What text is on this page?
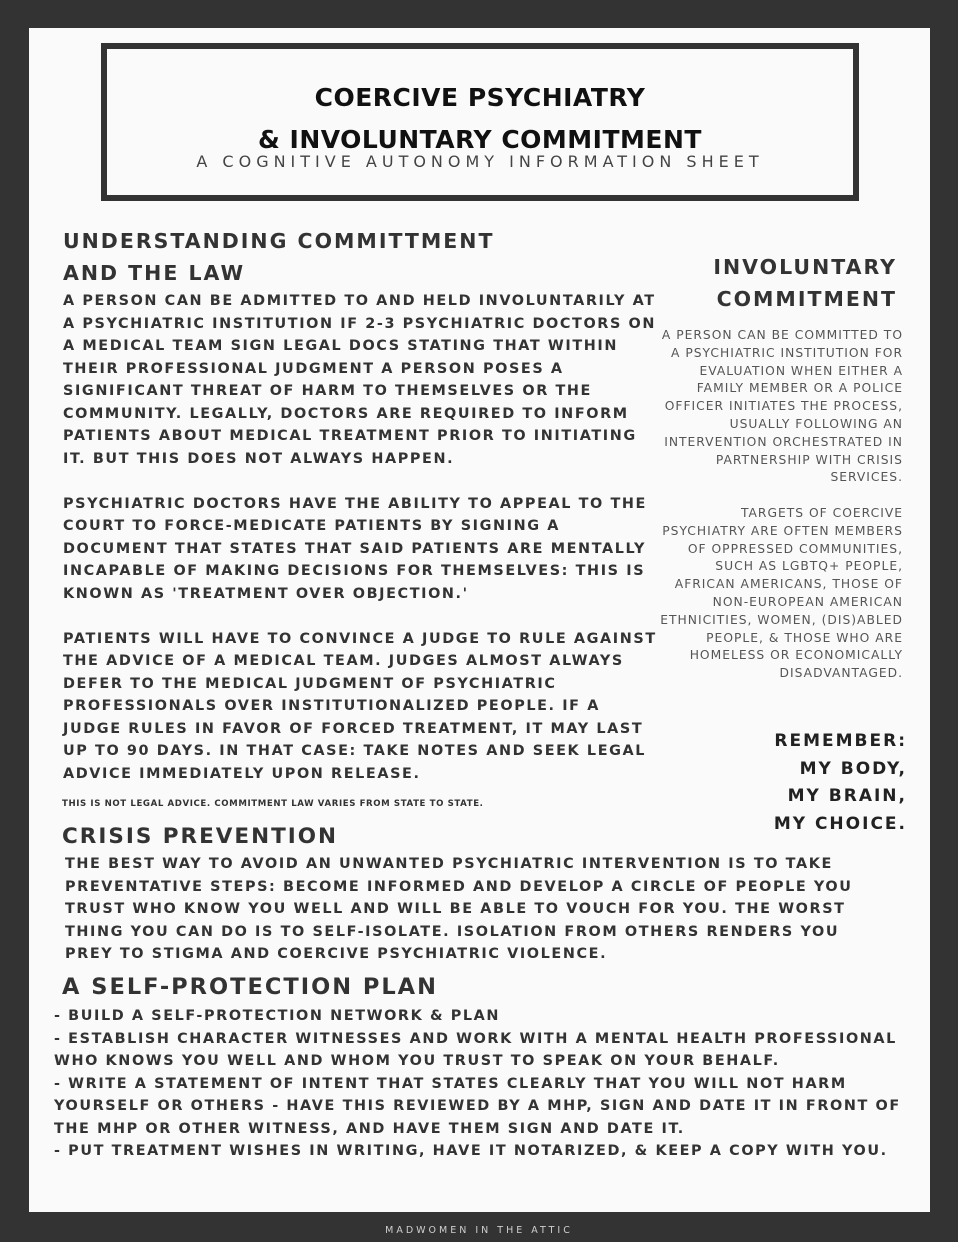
COERCIVE PSYCHIATRY
& INVOLUNTARY COMMITMENT
A COGNITIVE AUTONOMY INFORMATION SHEET
UNDERSTANDING COMMITTMENT
AND THE LAW

A PERSON CAN BE ADMITTED TO AND HELD INVOLUNTARILY AT A PSYCHIATRIC INSTITUTION IF 2-3 PSYCHIATRIC DOCTORS ON A MEDICAL TEAM SIGN LEGAL DOCS STATING THAT WITHIN THEIR PROFESSIONAL JUDGMENT A PERSON POSES A SIGNIFICANT THREAT OF HARM TO THEMSELVES OR THE COMMUNITY. LEGALLY, DOCTORS ARE REQUIRED TO INFORM PATIENTS ABOUT MEDICAL TREATMENT PRIOR TO INITIATING IT. BUT THIS DOES NOT ALWAYS HAPPEN.

PSYCHIATRIC DOCTORS HAVE THE ABILITY TO APPEAL TO THE COURT TO FORCE-MEDICATE PATIENTS BY SIGNING A DOCUMENT THAT STATES THAT SAID PATIENTS ARE MENTALLY INCAPABLE OF MAKING DECISIONS FOR THEMSELVES: THIS IS KNOWN AS 'TREATMENT OVER OBJECTION.'

PATIENTS WILL HAVE TO CONVINCE A JUDGE TO RULE AGAINST THE ADVICE OF A MEDICAL TEAM. JUDGES ALMOST ALWAYS DEFER TO THE MEDICAL JUDGMENT OF PSYCHIATRIC PROFESSIONALS OVER INSTITUTIONALIZED PEOPLE. IF A JUDGE RULES IN FAVOR OF FORCED TREATMENT, IT MAY LAST UP TO 90 DAYS. IN THAT CASE: TAKE NOTES AND SEEK LEGAL ADVICE IMMEDIATELY UPON RELEASE.

THIS IS NOT LEGAL ADVICE. COMMITMENT LAW VARIES FROM STATE TO STATE.
INVOLUNTARY
COMMITMENT

A PERSON CAN BE COMMITTED TO A PSYCHIATRIC INSTITUTION FOR EVALUATION WHEN EITHER A FAMILY MEMBER OR A POLICE OFFICER INITIATES THE PROCESS, USUALLY FOLLOWING AN INTERVENTION ORCHESTRATED IN PARTNERSHIP WITH CRISIS SERVICES.

TARGETS OF COERCIVE PSYCHIATRY ARE OFTEN MEMBERS OF OPPRESSED COMMUNITIES, SUCH AS LGBTQ+ PEOPLE, AFRICAN AMERICANS, THOSE OF NON-EUROPEAN AMERICAN ETHNICITIES, WOMEN, (DIS)ABLED PEOPLE, & THOSE WHO ARE HOMELESS OR ECONOMICALLY DISADVANTAGED.

REMEMBER:
MY BODY,
MY BRAIN,
MY CHOICE.
CRISIS PREVENTION
THE BEST WAY TO AVOID AN UNWANTED PSYCHIATRIC INTERVENTION IS TO TAKE PREVENTATIVE STEPS: BECOME INFORMED AND DEVELOP A CIRCLE OF PEOPLE YOU TRUST WHO KNOW YOU WELL AND WILL BE ABLE TO VOUCH FOR YOU. THE WORST THING YOU CAN DO IS TO SELF-ISOLATE. ISOLATION FROM OTHERS RENDERS YOU PREY TO STIGMA AND COERCIVE PSYCHIATRIC VIOLENCE.
A SELF-PROTECTION PLAN
- BUILD A SELF-PROTECTION NETWORK & PLAN
- ESTABLISH CHARACTER WITNESSES AND WORK WITH A MENTAL HEALTH PROFESSIONAL WHO KNOWS YOU WELL AND WHOM YOU TRUST TO SPEAK ON YOUR BEHALF.
- WRITE A STATEMENT OF INTENT THAT STATES CLEARLY THAT YOU WILL NOT HARM YOURSELF OR OTHERS - HAVE THIS REVIEWED BY A MHP, SIGN AND DATE IT IN FRONT OF THE MHP OR OTHER WITNESS, AND HAVE THEM SIGN AND DATE IT.
- PUT TREATMENT WISHES IN WRITING, HAVE IT NOTARIZED, & KEEP A COPY WITH YOU.
MADWOMEN IN THE ATTIC
